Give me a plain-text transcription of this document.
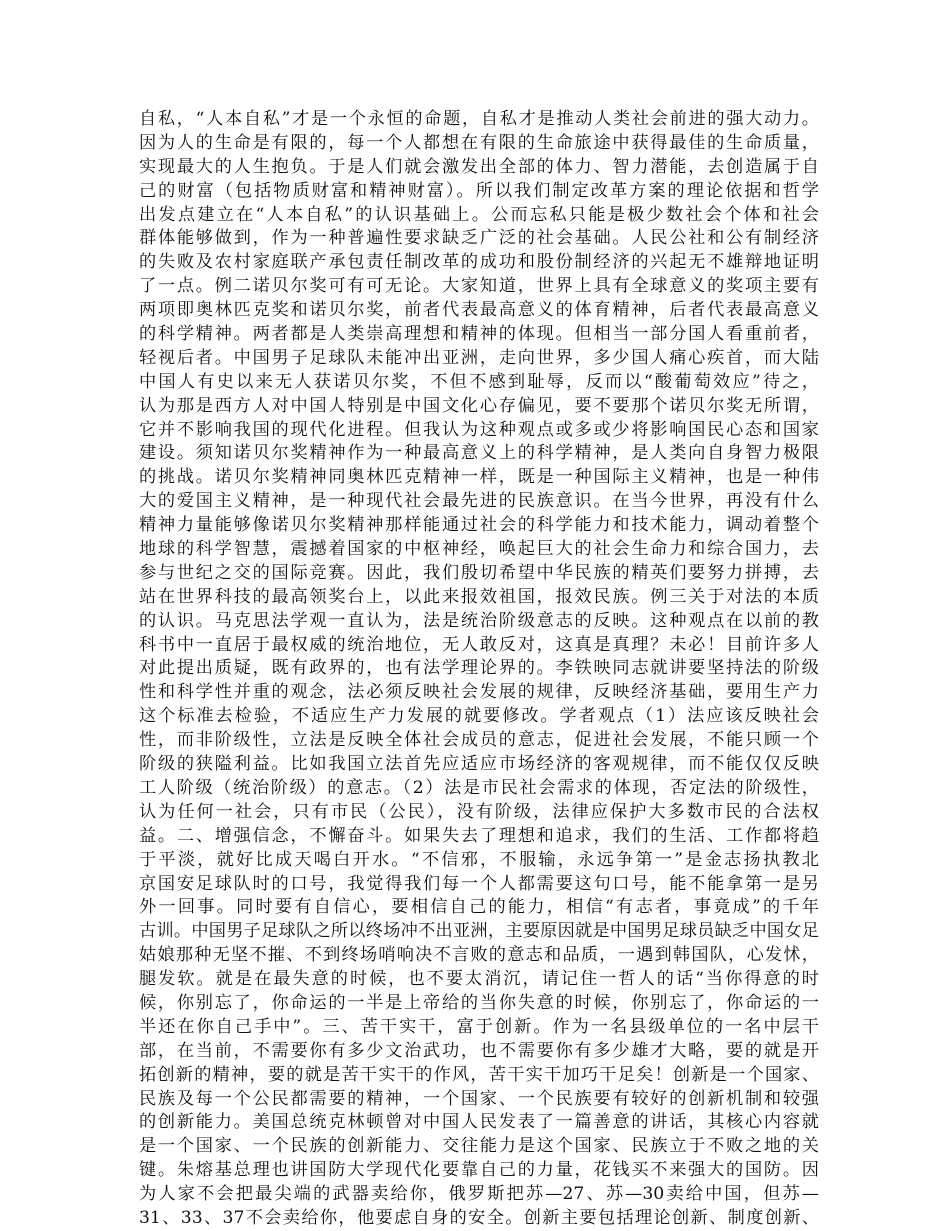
自私，“人本自私”才是一个永恒的命题，自私才是推动人类社会前进的强大动力。
因为人的生命是有限的，每一个人都想在有限的生命旅途中获得最佳的生命质量，
实现最大的人生抱负。于是人们就会激发出全部的体力、智力潜能，去创造属于自
己的财富（包括物质财富和精神财富）。所以我们制定改革方案的理论依据和哲学
出发点建立在“人本自私”的认识基础上。公而忘私只能是极少数社会个体和社会
群体能够做到，作为一种普遍性要求缺乏广泛的社会基础。人民公社和公有制经济
的失败及农村家庭联产承包责任制改革的成功和股份制经济的兴起无不雄辩地证明
了一点。例二诺贝尔奖可有可无论。大家知道，世界上具有全球意义的奖项主要有
两项即奥林匹克奖和诺贝尔奖，前者代表最高意义的体育精神，后者代表最高意义
的科学精神。两者都是人类崇高理想和精神的体现。但相当一部分国人看重前者，
轻视后者。中国男子足球队未能冲出亚洲，走向世界，多少国人痛心疾首，而大陆
中国人有史以来无人获诺贝尔奖，不但不感到耻辱，反而以“酸葡萄效应”待之，
认为那是西方人对中国人特别是中国文化心存偏见，要不要那个诺贝尔奖无所谓，
它并不影响我国的现代化进程。但我认为这种观点或多或少将影响国民心态和国家
建设。须知诺贝尔奖精神作为一种最高意义上的科学精神，是人类向自身智力极限
的挑战。诺贝尔奖精神同奥林匹克精神一样，既是一种国际主义精神，也是一种伟
大的爱国主义精神，是一种现代社会最先进的民族意识。在当今世界，再没有什么
精神力量能够像诺贝尔奖精神那样能通过社会的科学能力和技术能力，调动着整个
地球的科学智慧，震撼着国家的中枢神经，唤起巨大的社会生命力和综合国力，去
参与世纪之交的国际竞赛。因此，我们殷切希望中华民族的精英们要努力拼搏，去
站在世界科技的最高领奖台上，以此来报效祖国，报效民族。例三关于对法的本质
的认识。马克思法学观一直认为，法是统治阶级意志的反映。这种观点在以前的教
科书中一直居于最权威的统治地位，无人敢反对，这真是真理？未必！目前许多人
对此提出质疑，既有政界的，也有法学理论界的。李铁映同志就讲要坚持法的阶级
性和科学性并重的观念，法必须反映社会发展的规律，反映经济基础，要用生产力
这个标准去检验，不适应生产力发展的就要修改。学者观点（1）法应该反映社会
性，而非阶级性，立法是反映全体社会成员的意志，促进社会发展，不能只顾一个
阶级的狭隘利益。比如我国立法首先应适应市场经济的客观规律，而不能仅仅反映
工人阶级（统治阶级）的意志。（2）法是市民社会需求的体现，否定法的阶级性，
认为任何一社会，只有市民（公民），没有阶级，法律应保护大多数市民的合法权
益。二、增强信念，不懈奋斗。如果失去了理想和追求，我们的生活、工作都将趋
于平淡，就好比成天喝白开水。“不信邪，不服输，永远争第一”是金志扬执教北
京国安足球队时的口号，我觉得我们每一个人都需要这句口号，能不能拿第一是另
外一回事。同时要有自信心，要相信自己的能力，相信“有志者，事竟成”的千年
古训。中国男子足球队之所以终场冲不出亚洲，主要原因就是中国男足球员缺乏中国女足
姑娘那种无坚不摧、不到终场哨响决不言败的意志和品质，一遇到韩国队，心发怵，
腿发软。就是在最失意的时候，也不要太消沉，请记住一哲人的话“当你得意的时
候，你别忘了，你命运的一半是上帝给的当你失意的时候，你别忘了，你命运的一
半还在你自己手中”。三、苦干实干，富于创新。作为一名县级单位的一名中层干
部，在当前，不需要你有多少文治武功，也不需要你有多少雄才大略，要的就是开
拓创新的精神，要的就是苦干实干的作风，苦干实干加巧干足矣！创新是一个国家、
民族及每一个公民都需要的精神，一个国家、一个民族要有较好的创新机制和较强
的创新能力。美国总统克林顿曾对中国人民发表了一篇善意的讲话，其核心内容就
是一个国家、一个民族的创新能力、交往能力是这个国家、民族立于不败之地的关
键。朱熔基总理也讲国防大学现代化要靠自己的力量，花钱买不来强大的国防。因
为人家不会把最尖端的武器卖给你，俄罗斯把苏—27、苏—30卖给中国，但苏—
31、33、37不会卖给你，他要虑自身的安全。创新主要包括理论创新、制度创新、
